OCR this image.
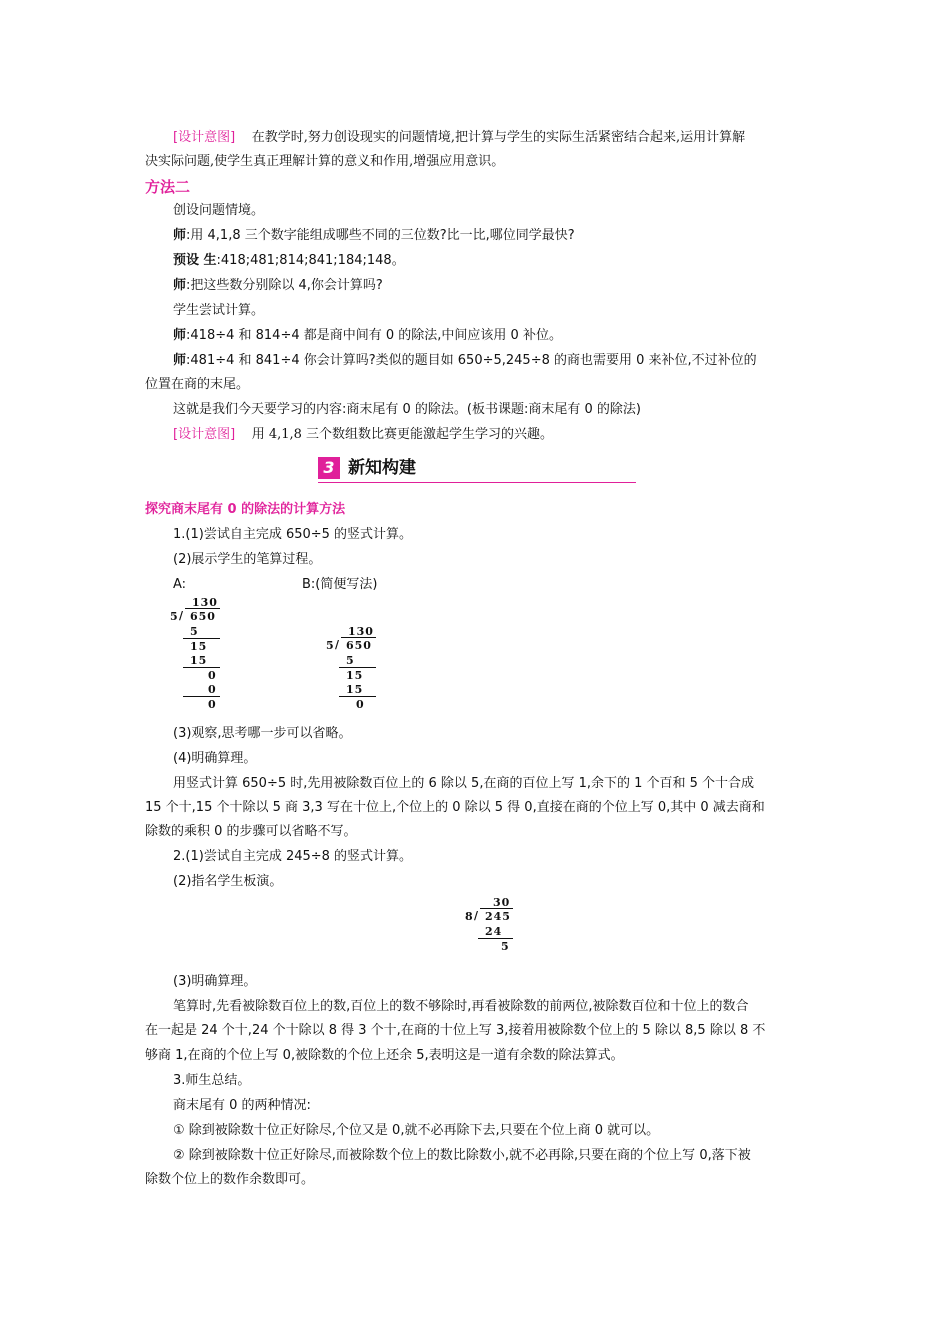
[设计意图] 在教学时,努力创设现实的问题情境,把计算与学生的实际生活紧密结合起来,运用计算解
决实际问题,使学生真正理解计算的意义和作用,增强应用意识。
方法二
创设问题情境。
师:用 4,1,8 三个数字能组成哪些不同的三位数?比一比,哪位同学最快?
预设 生:418;481;814;841;184;148。
师:把这些数分别除以 4,你会计算吗?
学生尝试计算。
师:418÷4 和 814÷4 都是商中间有 0 的除法,中间应该用 0 补位。
师:481÷4 和 841÷4 你会计算吗?类似的题目如 650÷5,245÷8 的商也需要用 0 来补位,不过补位的
位置在商的末尾。
这就是我们今天要学习的内容:商末尾有 0 的除法。(板书课题:商末尾有 0 的除法)
[设计意图] 用 4,1,8 三个数组数比赛更能激起学生学习的兴趣。
3 新知构建
探究商末尾有 0 的除法的计算方法
1.(1)尝试自主完成 650÷5 的竖式计算。
(2)展示学生的笔算过程。
A:	B:(简便写法)
130
5 / 650
5
15
15
0
0
0
130
5 / 650
5
15
15
0
(3)观察,思考哪一步可以省略。
(4)明确算理。
用竖式计算 650÷5 时,先用被除数百位上的 6 除以 5,在商的百位上写 1,余下的 1 个百和 5 个十合成
15 个十,15 个十除以 5 商 3,3 写在十位上,个位上的 0 除以 5 得 0,直接在商的个位上写 0,其中 0 减去商和
除数的乘积 0 的步骤可以省略不写。
2.(1)尝试自主完成 245÷8 的竖式计算。
(2)指名学生板演。
30
8 / 245
24
5
(3)明确算理。
笔算时,先看被除数百位上的数,百位上的数不够除时,再看被除数的前两位,被除数百位和十位上的数合
在一起是 24 个十,24 个十除以 8 得 3 个十,在商的十位上写 3,接着用被除数个位上的 5 除以 8,5 除以 8 不
够商 1,在商的个位上写 0,被除数的个位上还余 5,表明这是一道有余数的除法算式。
3.师生总结。
商末尾有 0 的两种情况:
① 除到被除数十位正好除尽,个位又是 0,就不必再除下去,只要在个位上商 0 就可以。
② 除到被除数十位正好除尽,而被除数个位上的数比除数小,就不必再除,只要在商的个位上写 0,落下被
除数个位上的数作余数即可。
